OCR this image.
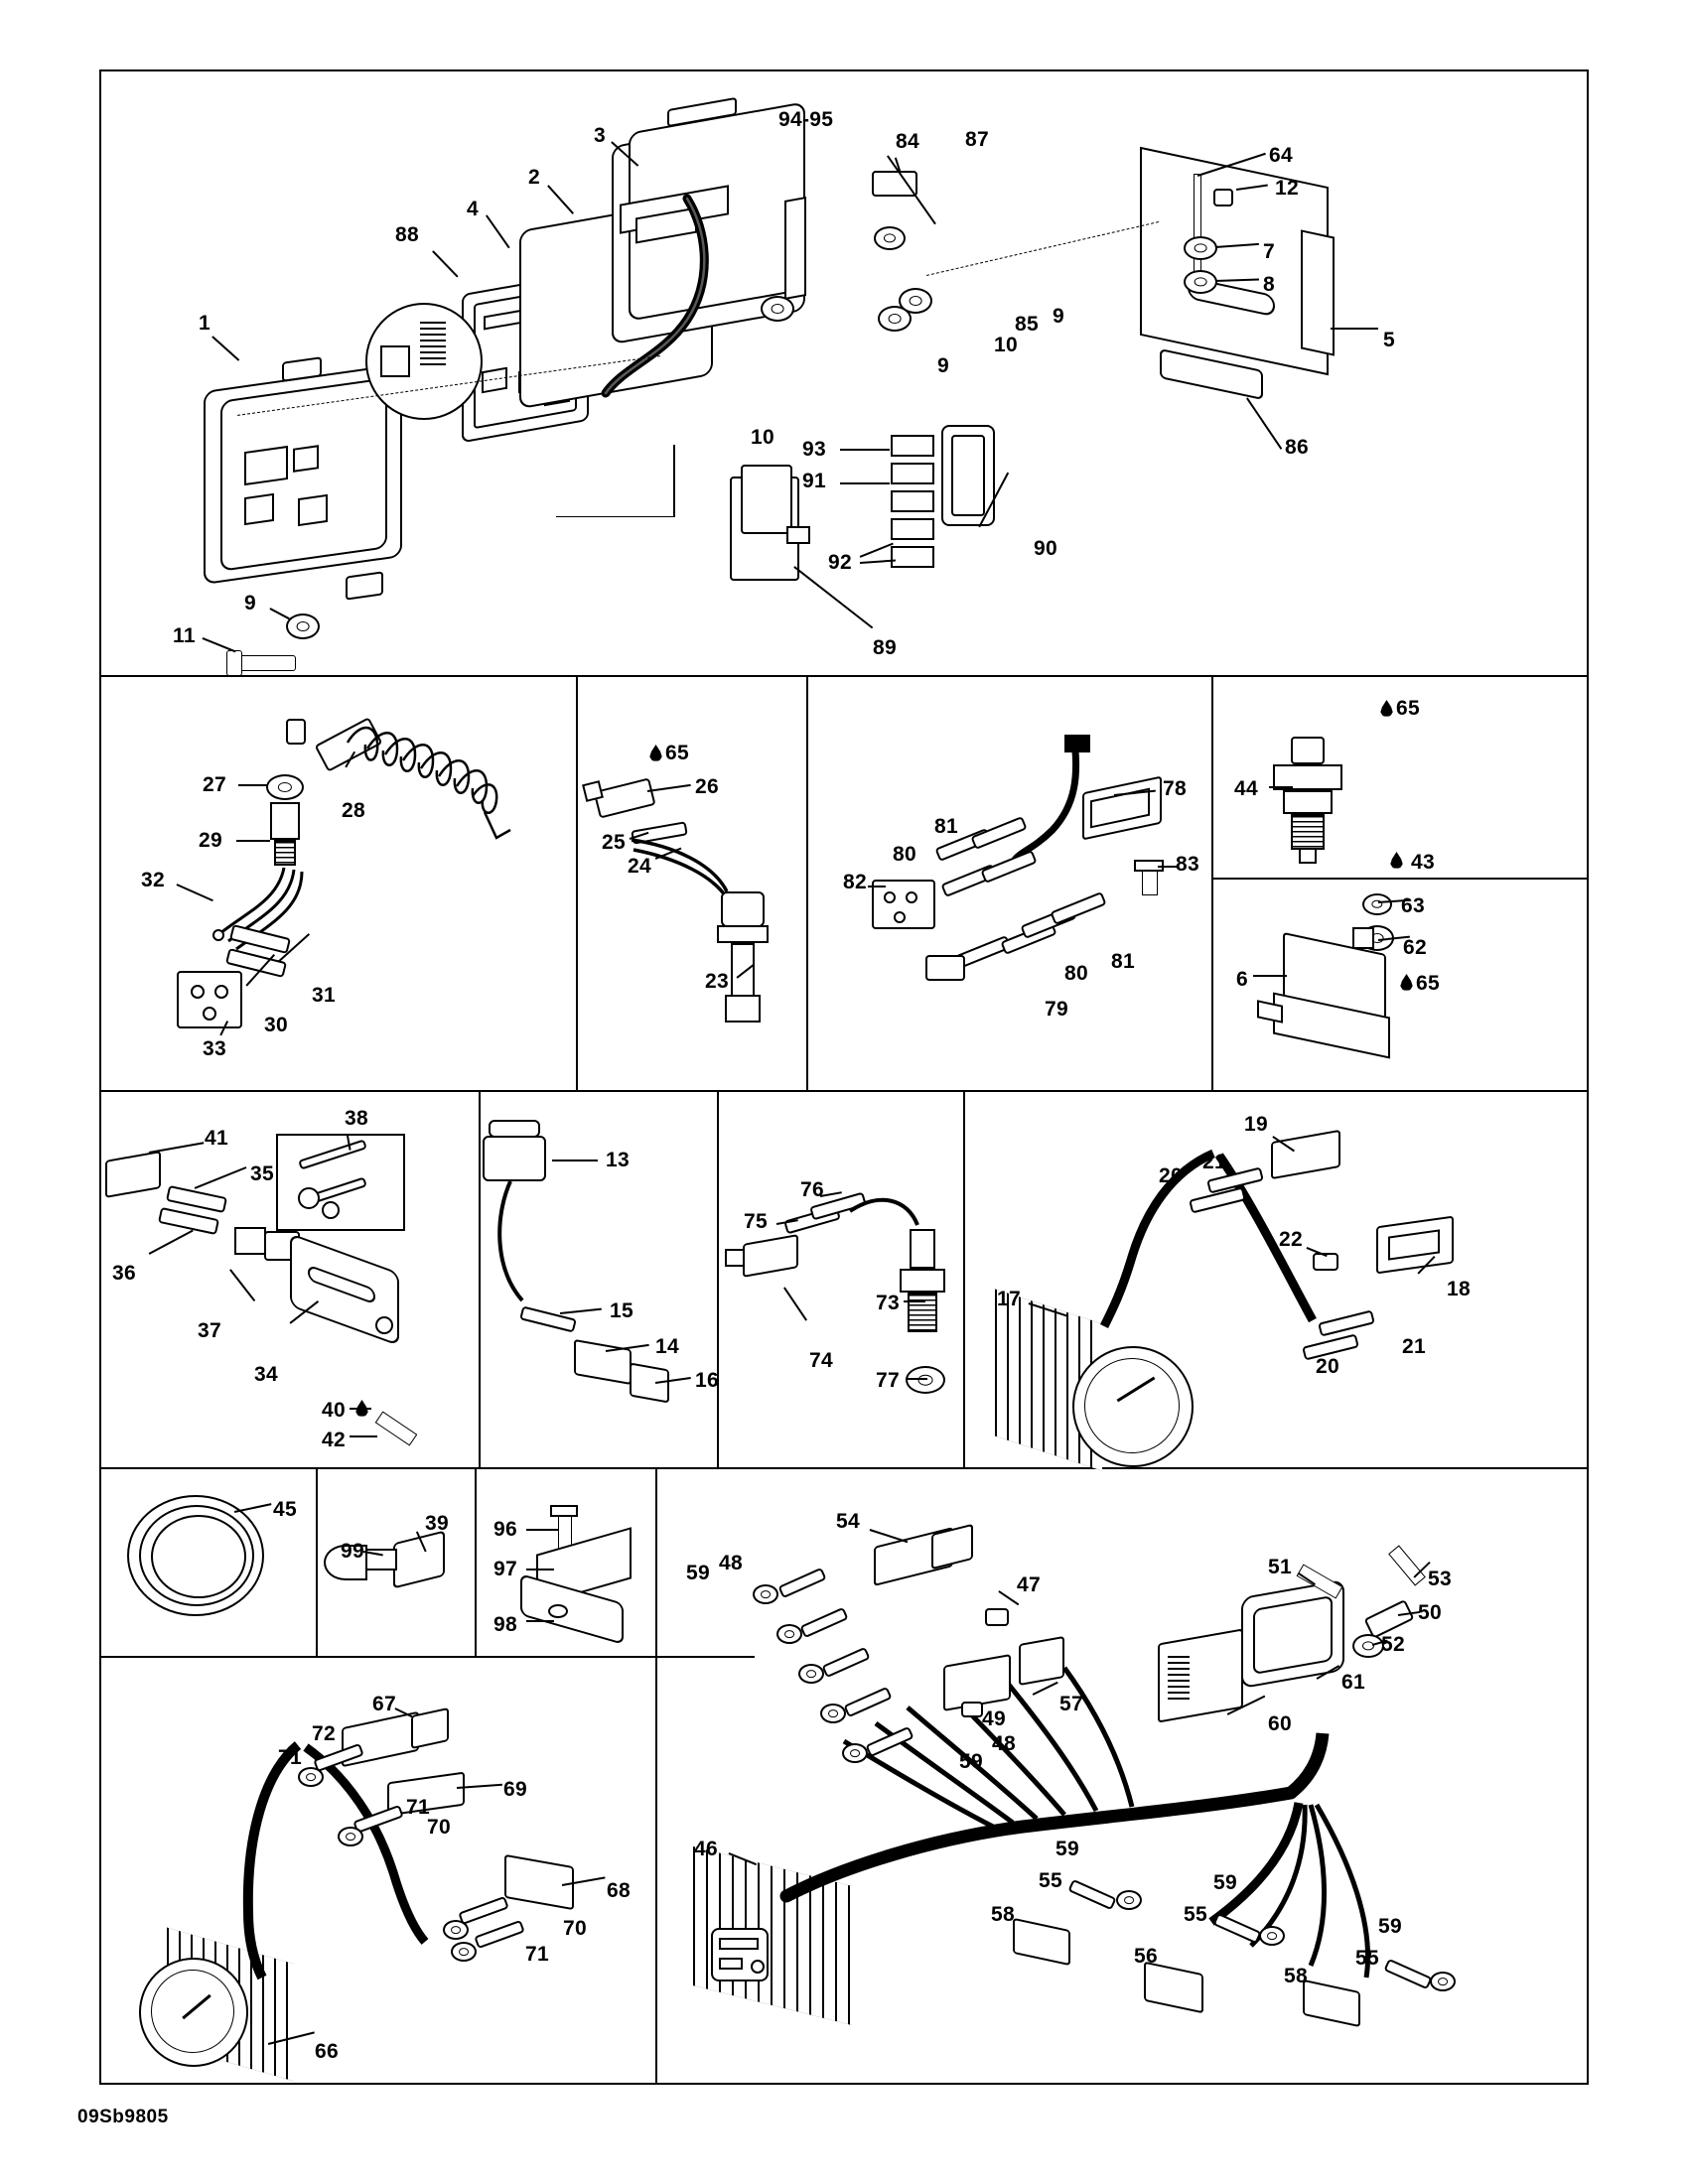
1
2
3
4
5
6
7
8
9
9
9
10
10
11
12
13
14
15
16
17	18
19
20
20
21
21
22
23
24
25
26
27
28
29
30
31
32
33
34
35
36
37
38
39
40
41
42
43
44
45
46
47
48
48
49
50
51
52
53
54
55
55
55
56
57
58
58
59
59
59
59
59
60
61
62
63
64
65
65
65
66
67
68
69
70
70
71
71
71
72
73
74
75
76
77
78
79
80
80
81
81
82
83
84
85
86
87
88
89
90
91
92
93
94-95
96
97
98
99
09Sb9805
